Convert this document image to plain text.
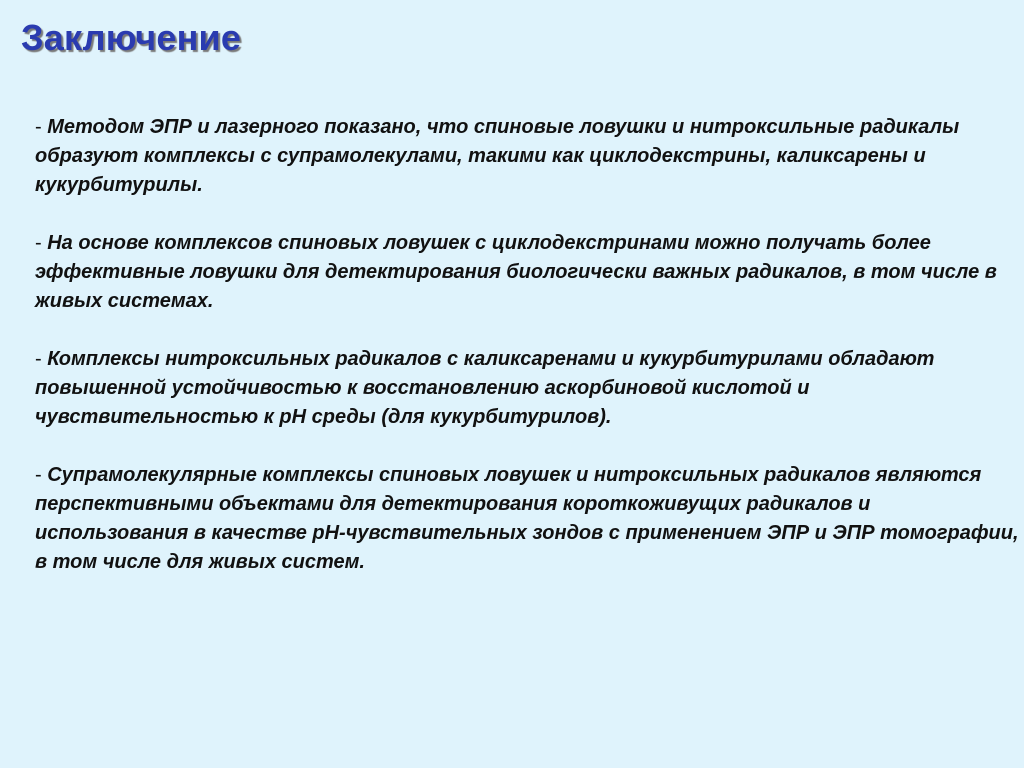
Заключение

- Методом ЭПР и лазерного показано, что спиновые ловушки и нитроксильные радикалы образуют комплексы с супрамолекулами, такими как циклодекстрины, каликсарены и кукурбитурилы.

- На основе комплексов спиновых ловушек с циклодекстринами можно получать более эффективные ловушки для детектирования биологически важных радикалов, в том числе в живых системах.

- Комплексы нитроксильных радикалов с каликсаренами и кукурбитурилами обладают повышенной устойчивостью к восстановлению аскорбиновой кислотой и чувствительностью к рН среды (для кукурбитурилов).

- Супрамолекулярные комплексы спиновых ловушек и нитроксильных радикалов являются перспективными объектами для детектирования короткоживущих радикалов и использования в качестве рН-чувствительных зондов с применением ЭПР и ЭПР томографии, в том числе для живых систем.
